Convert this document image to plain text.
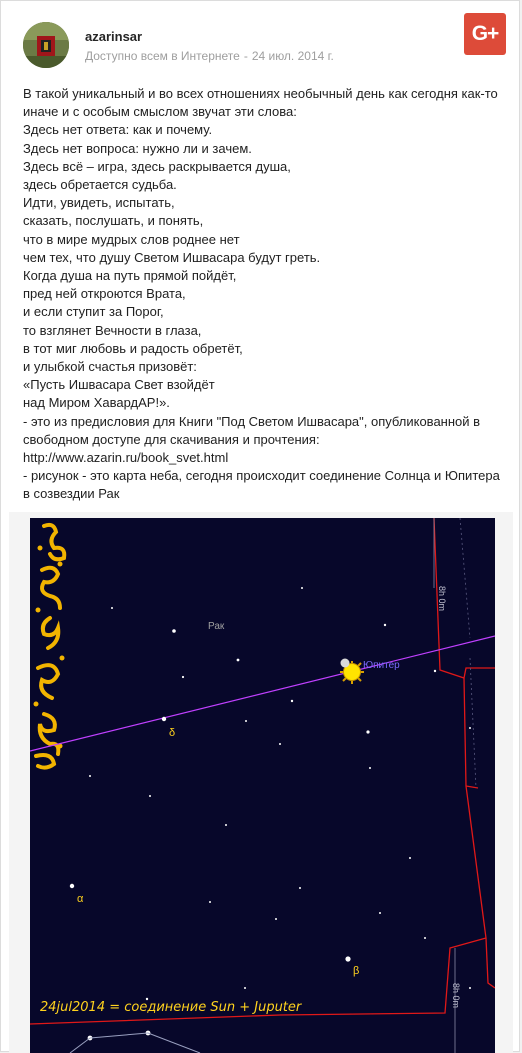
azarinsar
Доступно всем в Интернете - 24 июл. 2014 г.
G+
В такой уникальный и во всех отношениях необычный день как сегодня как-то иначе и с особым смыслом звучат эти слова:
Здесь нет ответа: как и почему.
Здесь нет вопроса: нужно ли и зачем.
Здесь всё – игра, здесь раскрывается душа,
здесь обретается судьба.
Идти, увидеть, испытать,
сказать, послушать, и понять,
что в мире мудрых слов роднее нет
чем тех, что душу Светом Ишвасара будут греть.
Когда душа на путь прямой пойдёт,
пред ней откроются Врата,
и если ступит за Порог,
то взглянет Вечности в глаза,
в тот миг любовь и радость обретёт,
и улыбкой счастья призовёт:
«Пусть Ишвасара Свет взойдёт
над Миром ХавардАР!».
- это из предисловия для Книги "Под Светом Ишвасара", опубликованной в свободном доступе для скачивания и прочтения:
http://www.azarin.ru/book_svet.html
- рисунок - это карта неба, сегодня происходит соединение Солнца и Юпитера в созвездии Рак
Рак
Юпитер
δ
α
β
8h 0m
8h 0m
24jul2014 = соединение Sun + Juputer
